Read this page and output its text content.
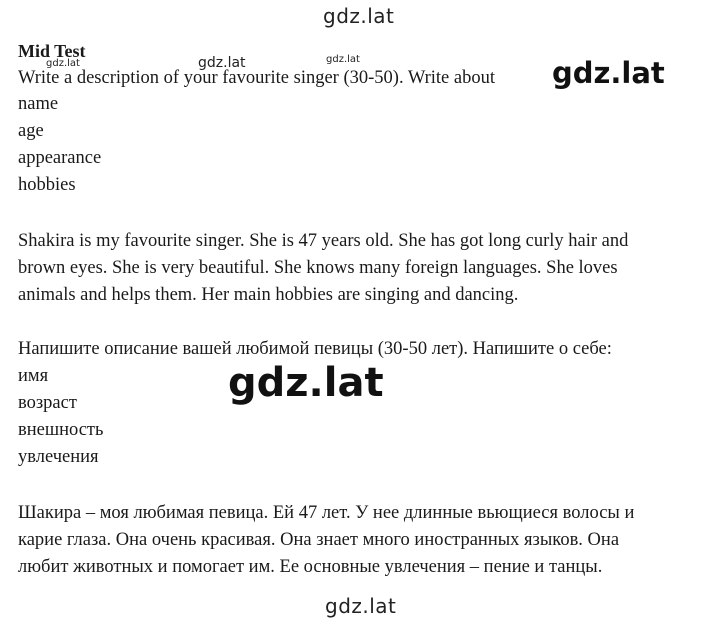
gdz.lat
Mid Test
gdz.lat	gdz.lat	gdz.lat
Write a description of your favourite singer (30-50). Write about gdz.lat
name
age
appearance
hobbies
Shakira is my favourite singer. She is 47 years old. She has got long curly hair and
brown eyes. She is very beautiful. She knows many foreign languages. She loves
animals and helps them. Her main hobbies are singing and dancing.
Напишите описание вашей любимой певицы (30-50 лет). Напишите о себе:
имя
возраст
внешность
увлечения
gdz.lat
Шакира – моя любимая певица. Ей 47 лет. У нее длинные вьющиеся волосы и
карие глаза. Она очень красивая. Она знает много иностранных языков. Она
любит животных и помогает им. Ее основные увлечения – пение и танцы.
gdz.lat
